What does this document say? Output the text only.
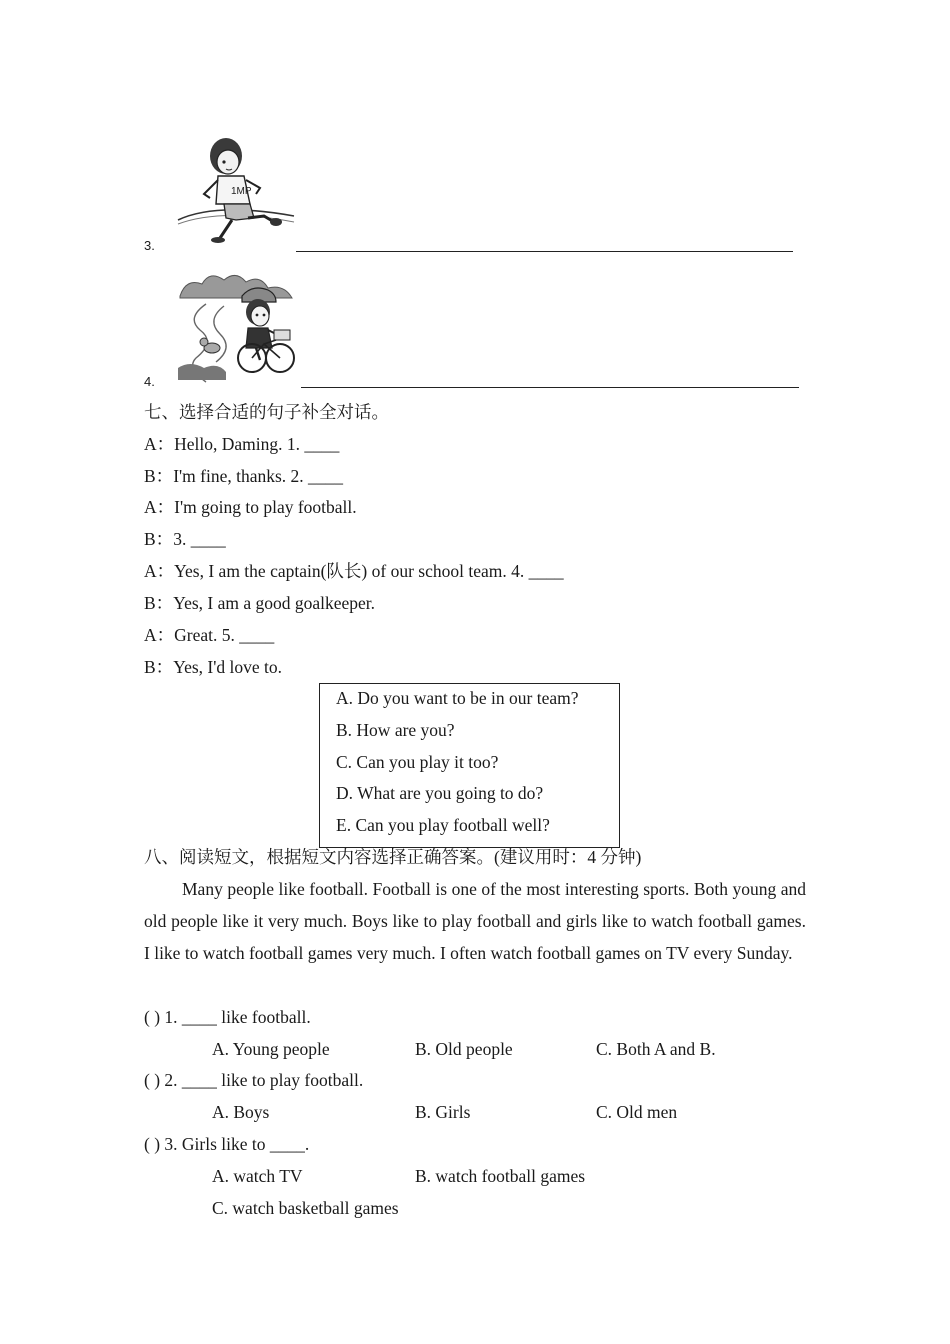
3.
1MP
4.
七、选择合适的句子补全对话。
A：Hello, Daming. 1. ____
B：I'm fine, thanks. 2. ____
A：I'm going to play football.
B：3. ____
A：Yes, I am the captain(队长) of our school team. 4. ____
B：Yes, I am a good goalkeeper.
A：Great. 5. ____
B：Yes, I'd love to.
A. Do you want to be in our team?
B. How are you?
C. Can you play it too?
D. What are you going to do?
E. Can you play football well?
八、阅读短文，根据短文内容选择正确答案。(建议用时：4 分钟)
Many people like football. Football is one of the most interesting sports. Both young and old people like it very much. Boys like to play football and girls like to watch football games. I like to watch football games very much. I often watch football games on TV every Sunday.
( ) 1. ____ like football.
A. Young people	B. Old people	C. Both A and B.
( ) 2. ____ like to play football.
A. Boys	B. Girls	C. Old men
( ) 3. Girls like to ____.
A. watch TV	B. watch football games
C. watch basketball games
